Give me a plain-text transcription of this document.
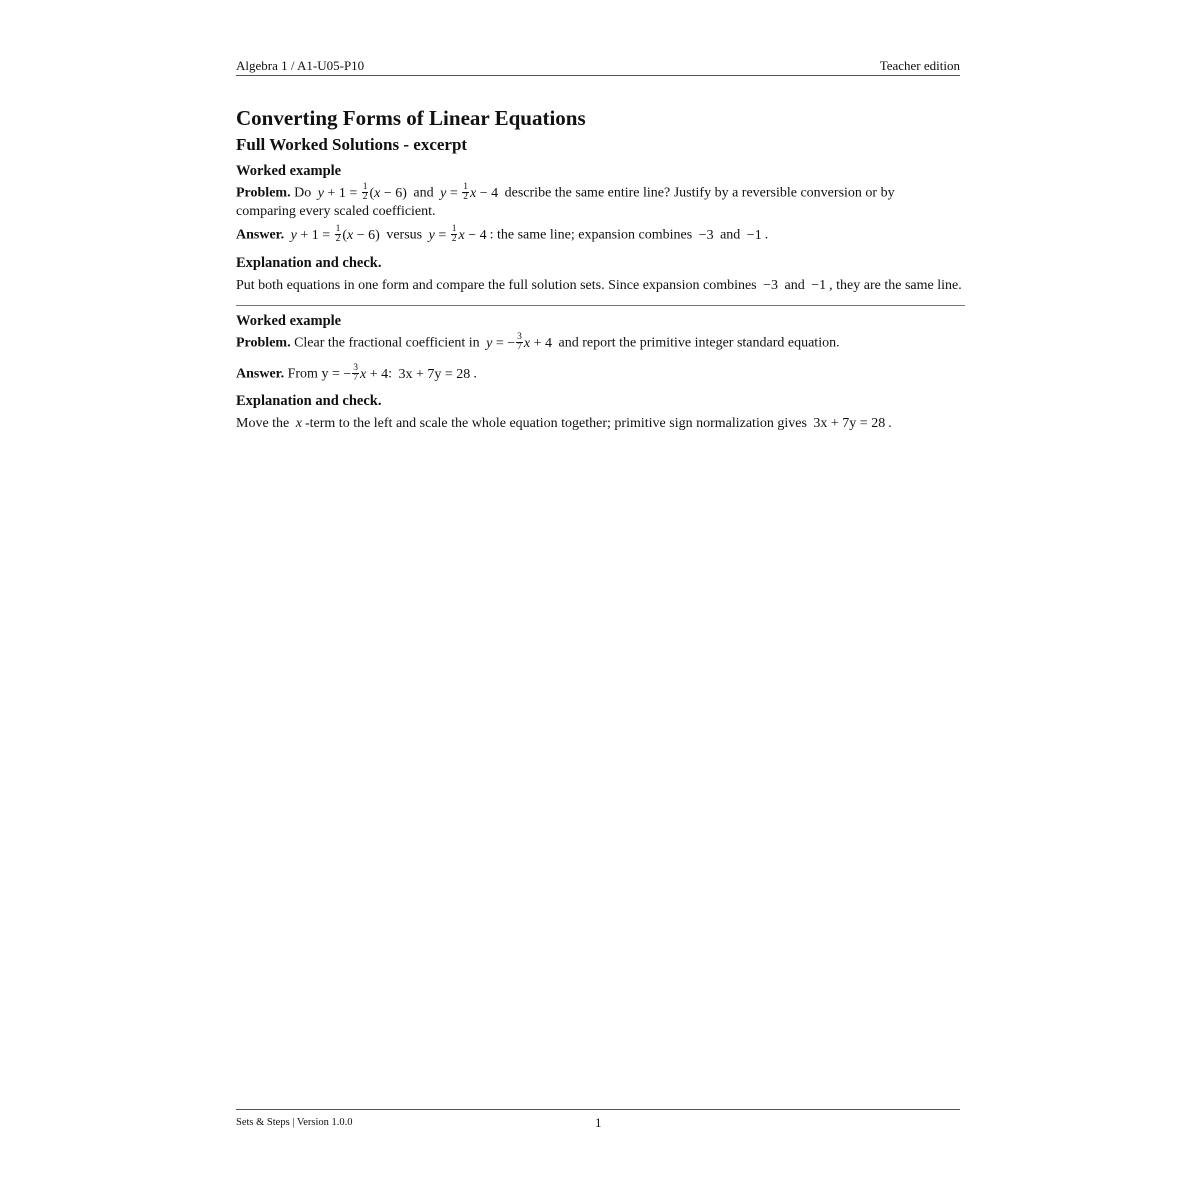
Algebra 1 / A1-U05-P10	Teacher edition
Converting Forms of Linear Equations
Full Worked Solutions - excerpt
Worked example
Problem. Do $y + 1 = \frac{1}{2} (x - 6)$ and $y = \frac{1}{2}$ x − 4 describe the same entire line? Justify by a reversible conversion or by
comparing every scaled coefficient.
Answer. $y + 1 = \frac{1}{2} (x - 6)$ versus $y = \frac{1}{2}$ x − 4 : the same line; expansion combines −3 and −1 .
Explanation and check.
Put both equations in one form and compare the full solution sets. Since expansion combines −3 and −1 , they are the same line.
Worked example
Problem. Clear the fractional coefficient in y = − $\frac{3}{7}$ x + 4 and report the primitive integer standard equation.
Answer. From y = − $\frac{3}{7}$ x + 4: 3x + 7y = 28 .
Explanation and check.
Move the x -term to the left and scale the whole equation together; primitive sign normalization gives 3x + 7y = 28 .
Sets & Steps | Version 1.0.0	1
